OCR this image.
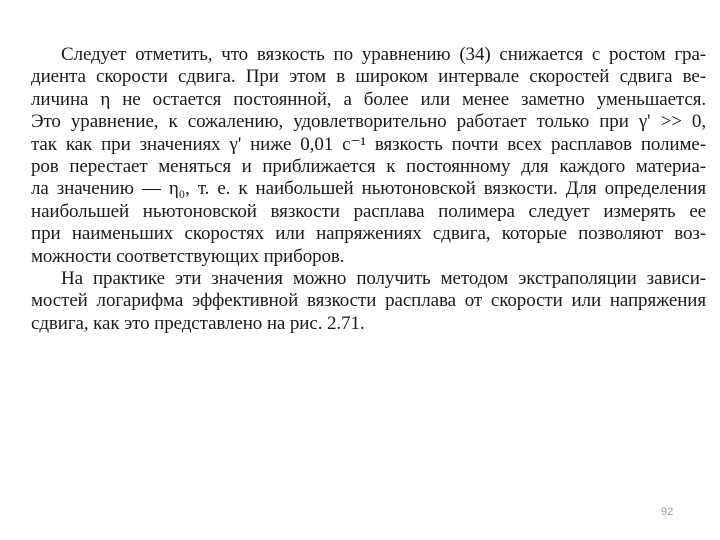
Следует отметить, что вязкость по уравнению (34) снижается с ростом гра-
диента скорости сдвига. При этом в широком интервале скоростей сдвига ве-
личина η не остается постоянной, а более или менее заметно уменьшается.
Это уравнение, к сожалению, удовлетворительно работает только при γ' >> 0,
так как при значениях γ' ниже 0,01 с⁻¹ вязкость почти всех расплавов полиме-
ров перестает меняться и приближается к постоянному для каждого материа-
ла значению — η₀, т. е. к наибольшей ньютоновской вязкости. Для определения
наибольшей ньютоновской вязкости расплава полимера следует измерять ее
при наименьших скоростях или напряжениях сдвига, которые позволяют воз-
можности соответствующих приборов.
На практике эти значения можно получить методом экстраполяции зависи-
мостей логарифма эффективной вязкости расплава от скорости или напряжения
сдвига, как это представлено на рис. 2.71.
92
